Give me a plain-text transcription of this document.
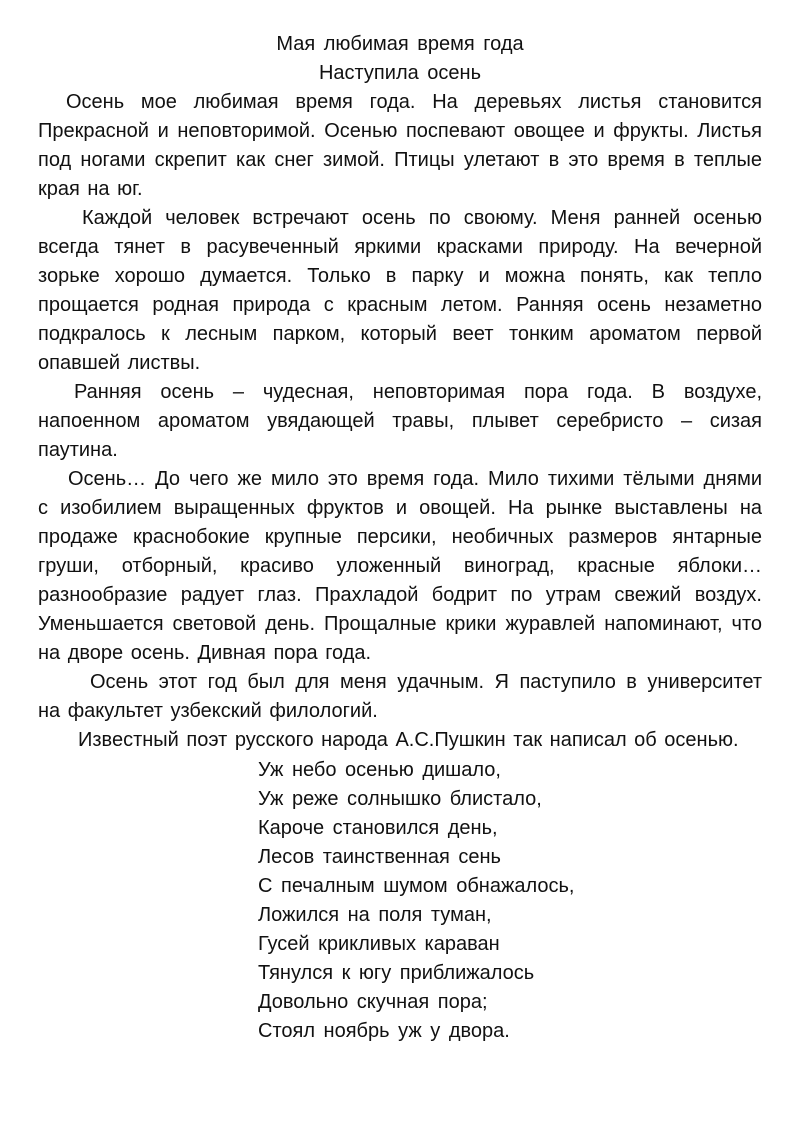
Мая любимая время года

Наступила осень

Осень мое любимая время года. На деревьях листья становится Прекрасной и неповторимой. Осенью поспевают овощее и фрукты. Листья под ногами скрепит как снег зимой. Птицы улетают в это время в теплые края на юг.

Каждой человек встречают осень по своюму. Меня ранней осенью всегда тянет в расувеченный яркими красками природу. На вечерной зорьке хорошо думается. Только в парку и можна понять, как тепло прощается родная природа с красным летом. Ранняя осень незаметно подкралось к лесным парком, который веет тонким ароматом первой опавшей листвы.

Ранняя осень – чудесная, неповторимая пора года. В воздухе, напоенном ароматом увядающей травы, плывет серебристо – сизая паутина.

Осень… До чего же мило это время года. Мило тихими тёлыми днями с изобилием выращенных фруктов и овощей. На рынке выставлены на продаже краснобокие крупные персики, необичных размеров янтарные груши, отборный, красиво уложенный виноград, красные яблоки…разнообразие радует глаз. Прахладой бодрит по утрам свежий воздух. Уменьшается световой день. Прощалные крики журавлей напоминают, что на дворе осень. Дивная пора года.

Осень этот год был для меня удачным. Я паступило в университет на факультет узбекский филологий.

Известный поэт русского народа А.С.Пушкин так написал об осенью.

Уж небо осенью дишало,

Уж реже солнышко блистало,

Кароче становился день,

Лесов таинственная сень

С печалным шумом обнажалось,

Ложился на поля туман,

Гусей крикливых караван

Тянулся к югу приближалось

Довольно скучная пора;

Стоял ноябрь уж у двора.
